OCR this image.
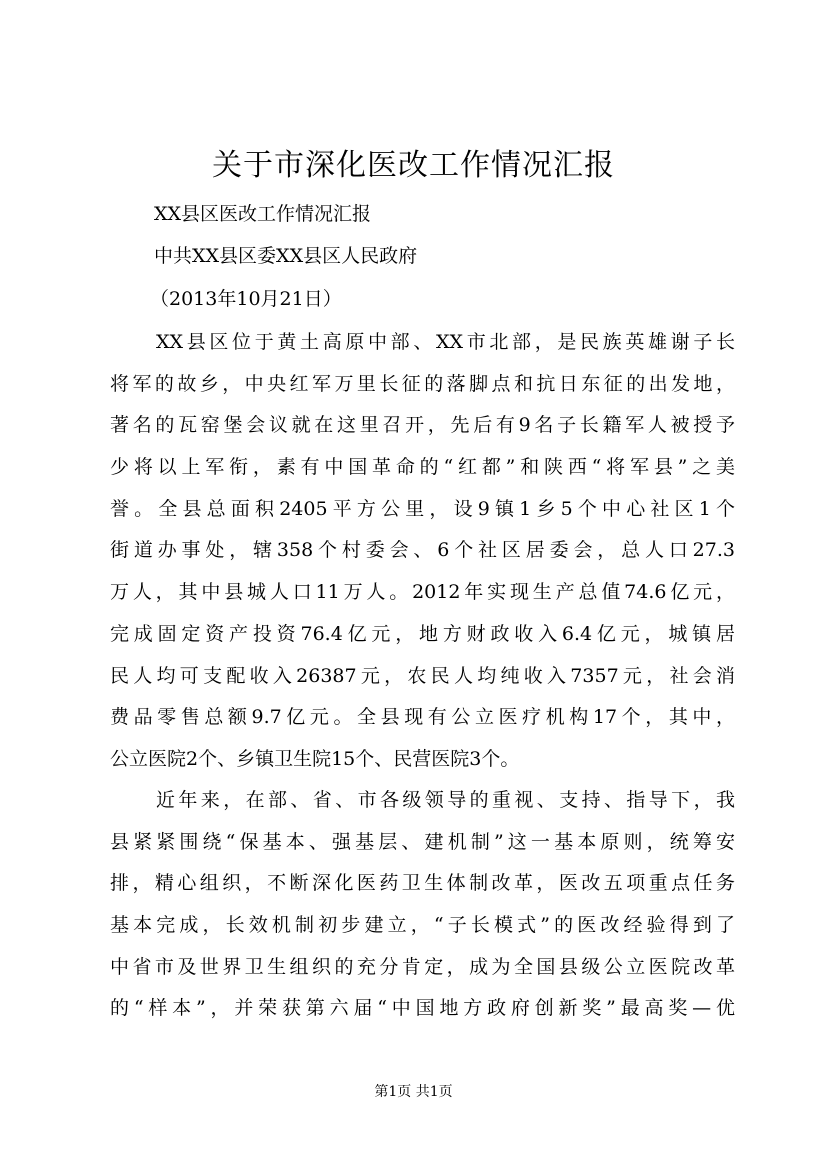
关于市深化医改工作情况汇报
XX县区医改工作情况汇报
中共XX县区委XX县区人民政府
（2013年10月21日）
XX县区位于黄土高原中部、XX市北部，是民族英雄谢子长
将军的故乡，中央红军万里长征的落脚点和抗日东征的出发地，
著名的瓦窑堡会议就在这里召开，先后有9名子长籍军人被授予
少将以上军衔，素有中国革命的“红都”和陕西“将军县”之美
誉。全县总面积2405平方公里，设9镇1乡5个中心社区1个
街道办事处，辖358个村委会、6个社区居委会，总人口27.3
万人，其中县城人口11万人。2012年实现生产总值74.6亿元，
完成固定资产投资76.4亿元，地方财政收入6.4亿元，城镇居
民人均可支配收入26387元，农民人均纯收入7357元，社会消
费品零售总额9.7亿元。全县现有公立医疗机构17个，其中，
公立医院2个、乡镇卫生院15个、民营医院3个。
近年来，在部、省、市各级领导的重视、支持、指导下，我
县紧紧围绕“保基本、强基层、建机制”这一基本原则，统筹安
排，精心组织，不断深化医药卫生体制改革，医改五项重点任务
基本完成，长效机制初步建立，“子长模式”的医改经验得到了
中省市及世界卫生组织的充分肯定，成为全国县级公立医院改革
的“样本”，并荣获第六届“中国地方政府创新奖”最高奖—优
第1页 共1页
